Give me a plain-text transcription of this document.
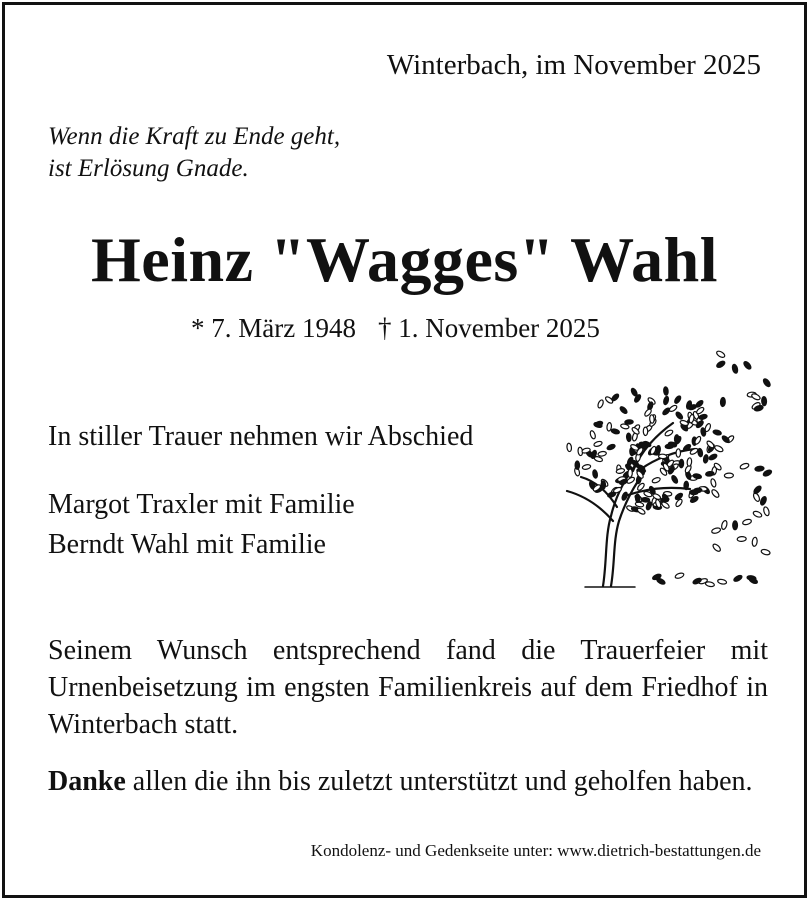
Winterbach, im November 2025
Wenn die Kraft zu Ende geht,
ist Erlösung Gnade.
Heinz "Wagges" Wahl
* 7. März 1948 † 1. November 2025
In stiller Trauer nehmen wir Abschied
Margot Traxler mit Familie
Berndt Wahl mit Familie
Seinem Wunsch entsprechend fand die Trauerfeier mit Urnenbeisetzung im engsten Familienkreis auf dem Friedhof in Winterbach statt.
Danke allen die ihn bis zuletzt unterstützt und geholfen haben.
Kondolenz- und Gedenkseite unter: www.dietrich-bestattungen.de
